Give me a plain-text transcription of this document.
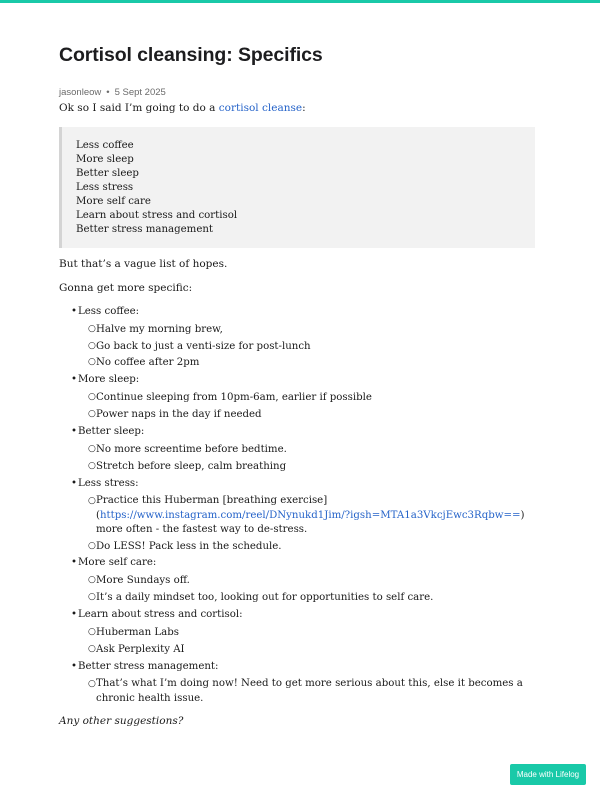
Cortisol cleansing: Specifics
jasonleow • 5 Sept 2025
Ok so I said I’m going to do a cortisol cleanse:
Less coffee
More sleep
Better sleep
Less stress
More self care
Learn about stress and cortisol
Better stress management
But that’s a vague list of hopes.
Gonna get more specific:
• Less coffee:
○ Halve my morning brew,
○ Go back to just a venti-size for post-lunch
○ No coffee after 2pm
• More sleep:
○ Continue sleeping from 10pm-6am, earlier if possible
○ Power naps in the day if needed
• Better sleep:
○ No more screentime before bedtime.
○ Stretch before sleep, calm breathing
• Less stress:
○ Practice this Huberman [breathing exercise] (https://www.instagram.com/reel/DNynukd1Jim/?igsh=MTA1a3VkcjEwc3Rqbw==) more often - the fastest way to de-stress.
○ Do LESS! Pack less in the schedule.
• More self care:
○ More Sundays off.
○ It’s a daily mindset too, looking out for opportunities to self care.
• Learn about stress and cortisol:
○ Huberman Labs
○ Ask Perplexity AI
• Better stress management:
○ That’s what I’m doing now! Need to get more serious about this, else it becomes a chronic health issue.
Any other suggestions?
Made with Lifelog
